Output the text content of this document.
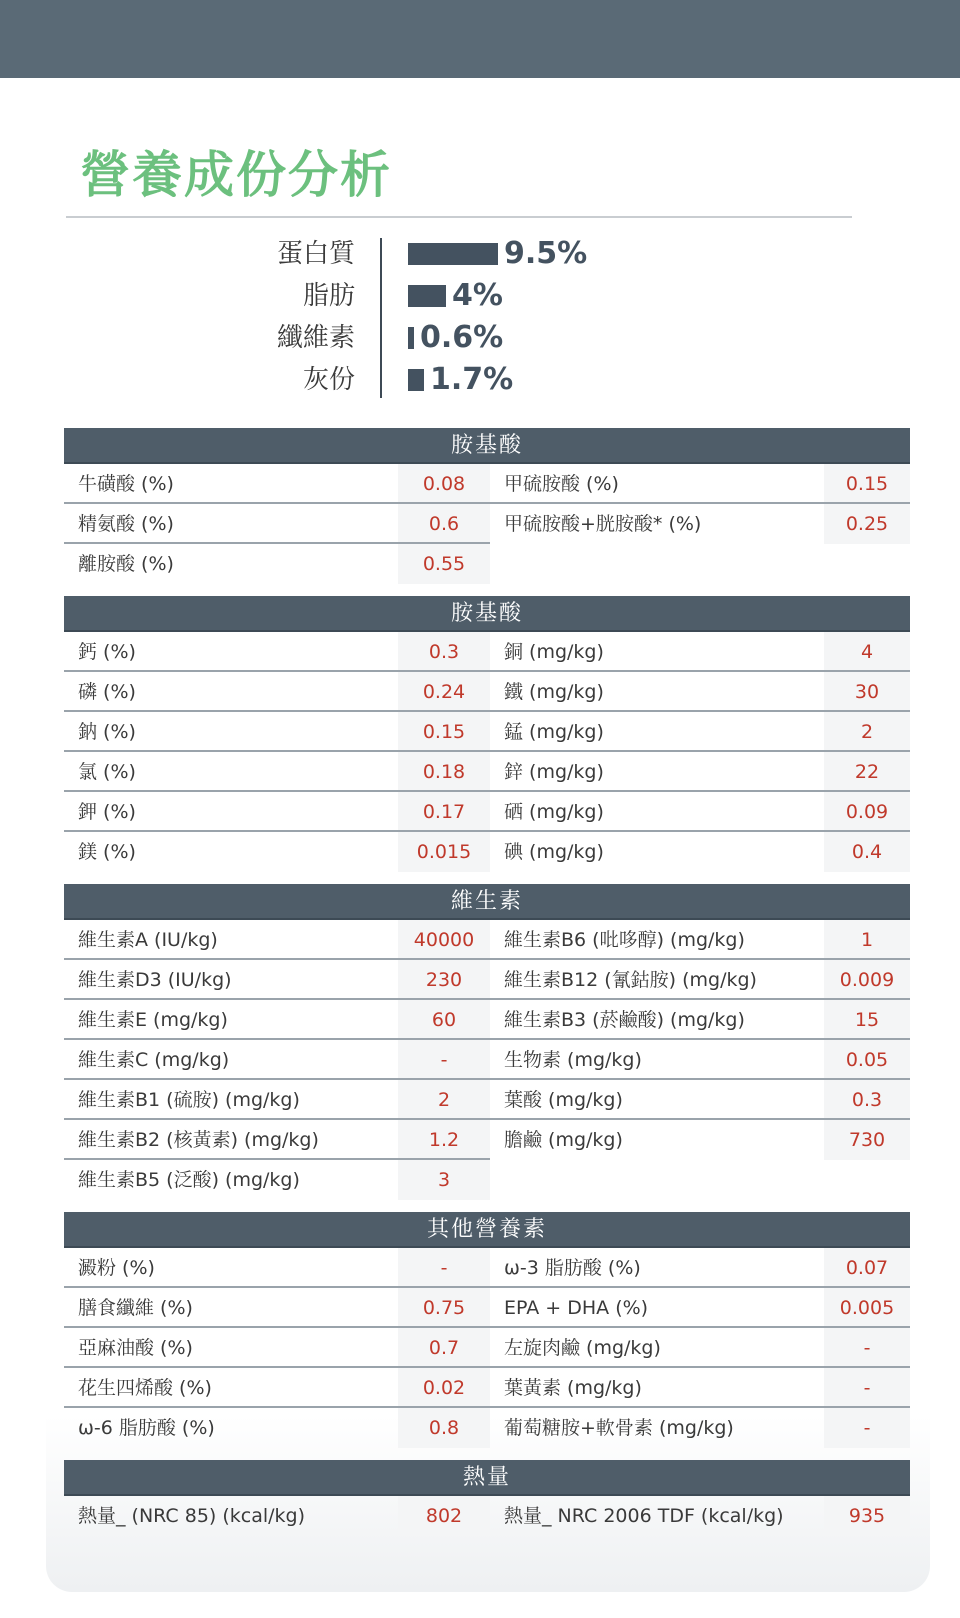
營養成份分析
蛋白質	9.5%
脂肪	4%
纖維素 0.6%
灰份	1.7%
胺基酸
牛磺酸 (%)	0.08	甲硫胺酸 (%)	0.15
精氨酸 (%)	0.6	甲硫胺酸+胱胺酸* (%)	0.25
離胺酸 (%)	0.55
胺基酸
鈣 (%)	0.3	銅 (mg/kg)	4
磷 (%)	0.24	鐵 (mg/kg)	30
鈉 (%)	0.15	錳 (mg/kg)	2
氯 (%)	0.18	鋅 (mg/kg)	22
鉀 (%)	0.17	硒 (mg/kg)	0.09
鎂 (%)	0.015	碘 (mg/kg)	0.4
維生素
維生素A (IU/kg)	40000	維生素B6 (吡哆醇) (mg/kg)	1
維生素D3 (IU/kg)	230	維生素B12 (氰鈷胺) (mg/kg)	0.009
維生素E (mg/kg)	60	維生素B3 (菸鹼酸) (mg/kg)	15
維生素C (mg/kg)	-	生物素 (mg/kg)	0.05
維生素B1 (硫胺) (mg/kg)	2	葉酸 (mg/kg)	0.3
維生素B2 (核黃素) (mg/kg)	1.2	膽鹼 (mg/kg)	730
維生素B5 (泛酸) (mg/kg)	3
其他營養素
澱粉 (%)	-	ω-3 脂肪酸 (%)	0.07
膳食纖維 (%)	0.75	EPA + DHA (%)	0.005
亞麻油酸 (%)	0.7	左旋肉鹼 (mg/kg)	-
花生四烯酸 (%)	0.02	葉黃素 (mg/kg)	-
ω-6 脂肪酸 (%)	0.8	葡萄糖胺+軟骨素 (mg/kg)	-
熱量
熱量_ (NRC 85) (kcal/kg)	802	熱量_ NRC 2006 TDF (kcal/kg)	935
